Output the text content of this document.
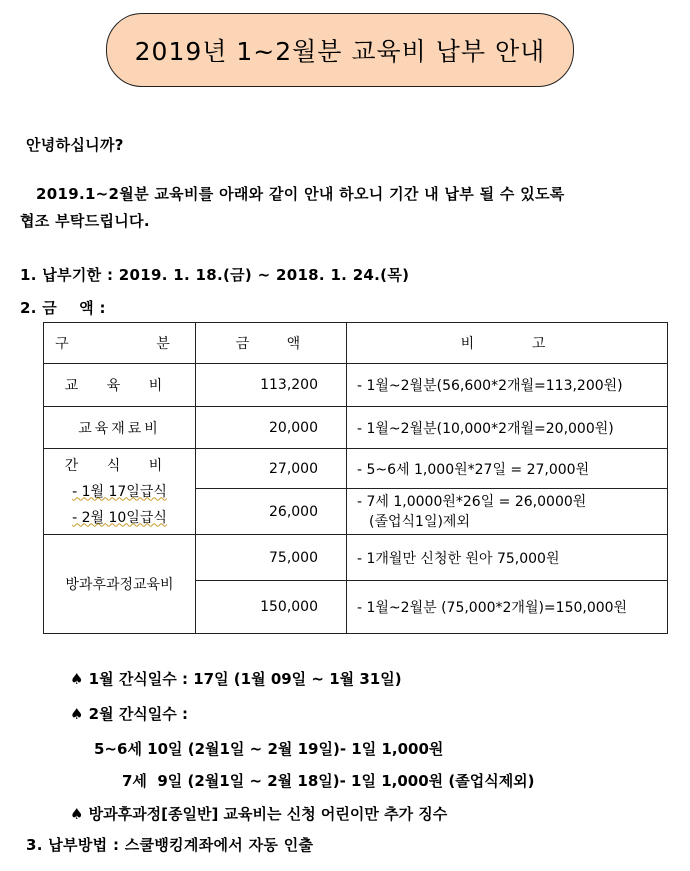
2019년 1~2월분 교육비 납부 안내
안녕하십니까?
2019.1~2월분 교육비를 아래와 같이 안내 하오니 기간 내 납부 될 수 있도록
협조 부탁드립니다.
1. 납부기한 : 2019. 1. 18.(금) ~ 2018. 1. 24.(목)
2. 금    액 :
구    분	금   액	비    고
교 육 비	113,200	- 1월~2월분(56,600*2개월=113,200원)
교육재료비	20,000	- 1월~2월분(10,000*2개월=20,000원)

간 식 비
- 1월 17일급식
- 2월 10일급식	27,000	- 5~6세 1,000원*27일 = 27,000원
	26,000	- 7세 1,0000원*26일 = 26,0000원
(졸업식1일)제외

방과후과정교육비	75,000	- 1개월만 신청한 원아 75,000원
	150,000	- 1월~2월분 (75,000*2개월)=150,000원
♠ 1월 간식일수 : 17일 (1월 09일 ~ 1월 31일)
♠ 2월 간식일수 :
5~6세 10일 (2월1일 ~ 2월 19일)- 1일 1,000원
7세  9일 (2월1일 ~ 2월 18일)- 1일 1,000원 (졸업식제외)
♠ 방과후과정[종일반] 교육비는 신청 어린이만 추가 징수
3. 납부방법 : 스쿨뱅킹계좌에서 자동 인출
